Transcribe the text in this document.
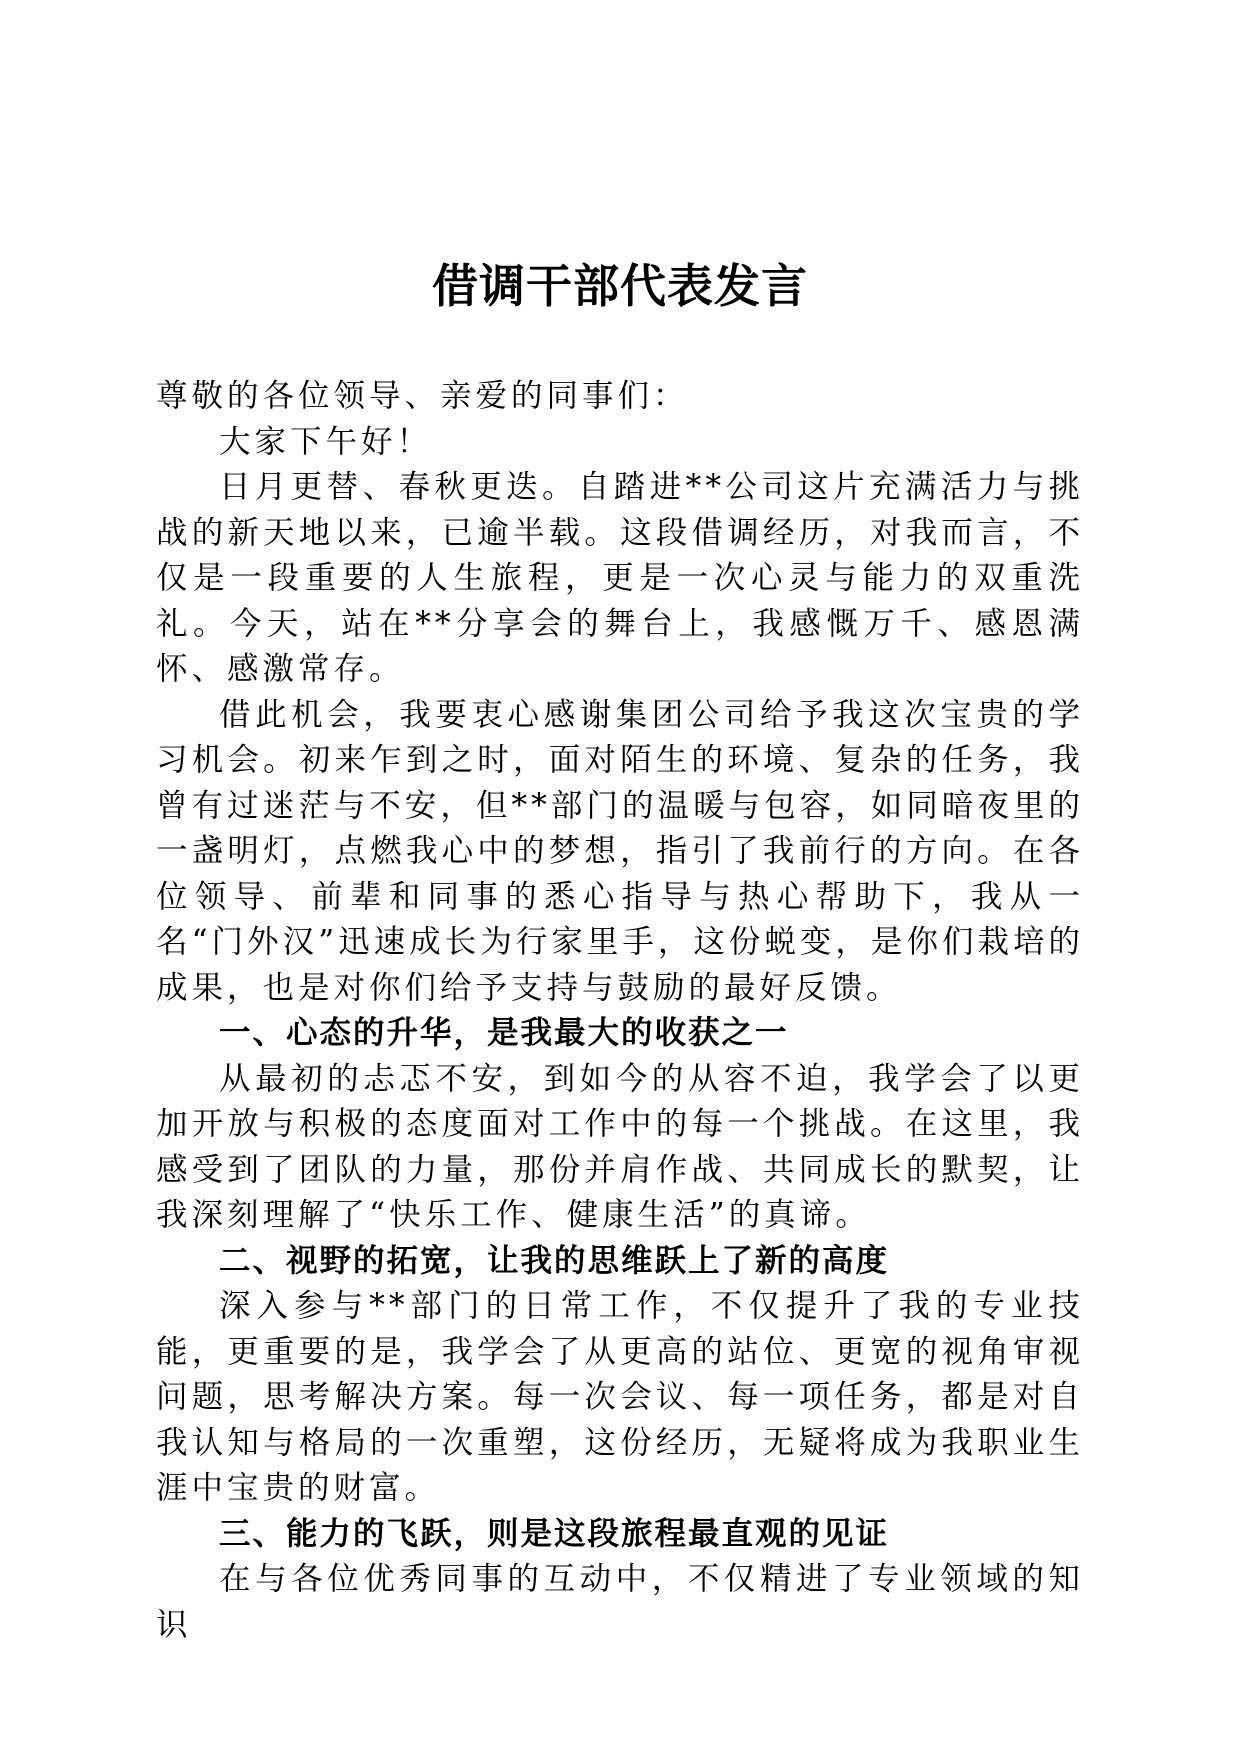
借调干部代表发言

尊敬的各位领导、亲爱的同事们：

大家下午好！

日月更替、春秋更迭。自踏进**公司这片充满活力与挑战的新天地以来，已逾半载。这段借调经历，对我而言，不仅是一段重要的人生旅程，更是一次心灵与能力的双重洗礼。今天，站在**分享会的舞台上，我感慨万千、感恩满怀、感激常存。

借此机会，我要衷心感谢集团公司给予我这次宝贵的学习机会。初来乍到之时，面对陌生的环境、复杂的任务，我曾有过迷茫与不安，但**部门的温暖与包容，如同暗夜里的一盏明灯，点燃我心中的梦想，指引了我前行的方向。在各位领导、前辈和同事的悉心指导与热心帮助下，我从一名“门外汉”迅速成长为行家里手，这份蜕变，是你们栽培的成果，也是对你们给予支持与鼓励的最好反馈。

一、心态的升华，是我最大的收获之一

从最初的忐忑不安，到如今的从容不迫，我学会了以更加开放与积极的态度面对工作中的每一个挑战。在这里，我感受到了团队的力量，那份并肩作战、共同成长的默契，让我深刻理解了“快乐工作、健康生活”的真谛。

二、视野的拓宽，让我的思维跃上了新的高度

深入参与**部门的日常工作，不仅提升了我的专业技能，更重要的是，我学会了从更高的站位、更宽的视角审视问题，思考解决方案。每一次会议、每一项任务，都是对自我认知与格局的一次重塑，这份经历，无疑将成为我职业生涯中宝贵的财富。

三、能力的飞跃，则是这段旅程最直观的见证

在与各位优秀同事的互动中，不仅精进了专业领域的知识
